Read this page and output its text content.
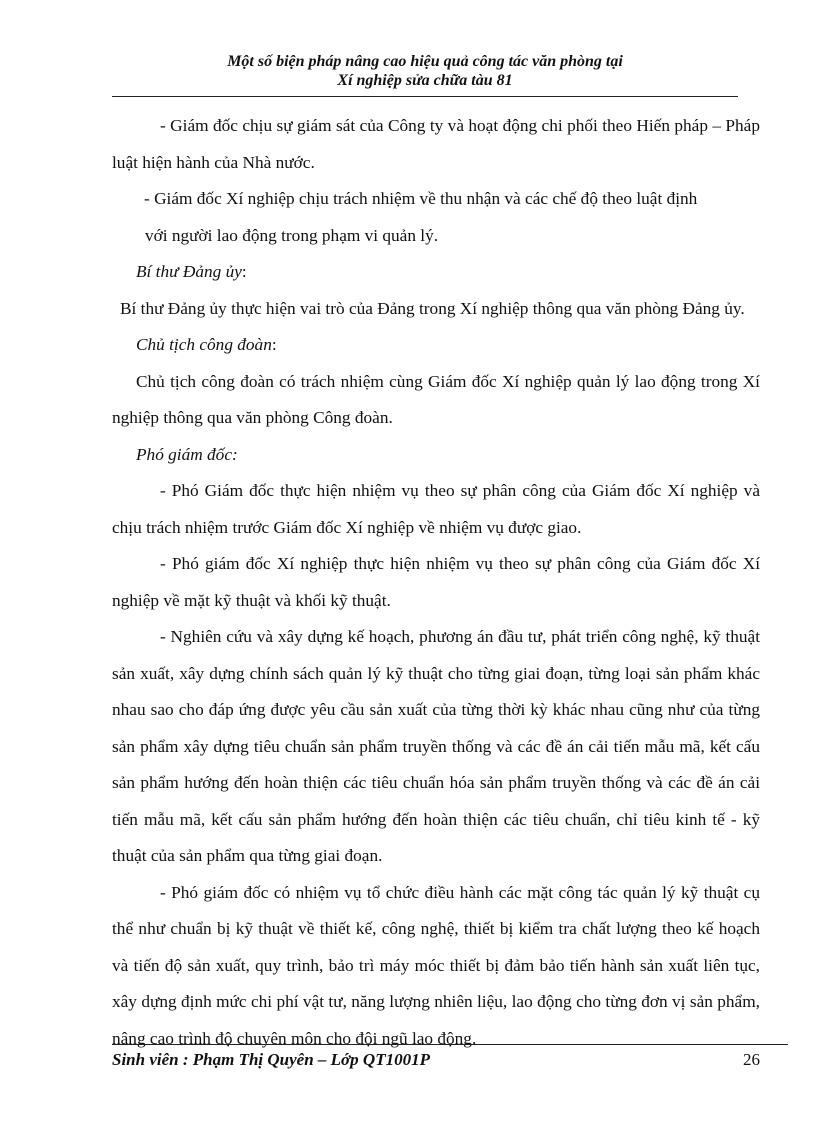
Một số biện pháp nâng cao hiệu quả công tác văn phòng tại
Xí nghiệp sửa chữa tàu 81

- Giám đốc chịu sự giám sát của Công ty và hoạt động chi phối theo Hiến pháp – Pháp luật hiện hành của Nhà nước.

- Giám đốc Xí nghiệp chịu trách nhiệm về thu nhận và các chế độ theo luật định

với người lao động trong phạm vi quản lý.

Bí thư Đảng ủy:

Bí thư Đảng ủy thực hiện vai trò của Đảng trong Xí nghiệp thông qua văn phòng Đảng ủy.

Chủ tịch công đoàn:

Chủ tịch công đoàn có trách nhiệm cùng Giám đốc Xí nghiệp quản lý lao động trong Xí nghiệp thông qua văn phòng Công đoàn.

Phó giám đốc:

- Phó Giám đốc thực hiện nhiệm vụ theo sự phân công của Giám đốc Xí nghiệp và chịu trách nhiệm trước Giám đốc Xí nghiệp về nhiệm vụ được giao.

- Phó giám đốc Xí nghiệp thực hiện nhiệm vụ theo sự phân công của Giám đốc Xí nghiệp về mặt kỹ thuật và khối kỹ thuật.

- Nghiên cứu và xây dựng kế hoạch, phương án đầu tư, phát triển công nghệ, kỹ thuật sản xuất, xây dựng chính sách quản lý kỹ thuật cho từng giai đoạn, từng loại sản phẩm khác nhau sao cho đáp ứng được yêu cầu sản xuất của từng thời kỳ khác nhau cũng như của từng sản phẩm xây dựng tiêu chuẩn sản phẩm truyền thống và các đề án cải tiến mẫu mã, kết cấu sản phẩm hướng đến hoàn thiện các tiêu chuẩn hóa sản phẩm truyền thống và các đề án cải tiến mẫu mã, kết cấu sản phẩm hướng đến hoàn thiện các tiêu chuẩn, chỉ tiêu kinh tế - kỹ thuật của sản phẩm qua từng giai đoạn.

- Phó giám đốc có nhiệm vụ tổ chức điều hành các mặt công tác quản lý kỹ thuật cụ thể như chuẩn bị kỹ thuật về thiết kế, công nghệ, thiết bị kiểm tra chất lượng theo kế hoạch và tiến độ sản xuất, quy trình, bảo trì máy móc thiết bị đảm bảo tiến hành sản xuất liên tục, xây dựng định mức chi phí vật tư, năng lượng nhiên liệu, lao động cho từng đơn vị sản phẩm, nâng cao trình độ chuyên môn cho đội ngũ lao động.

Sinh viên : Phạm Thị Quyên – Lớp QT1001P	26
